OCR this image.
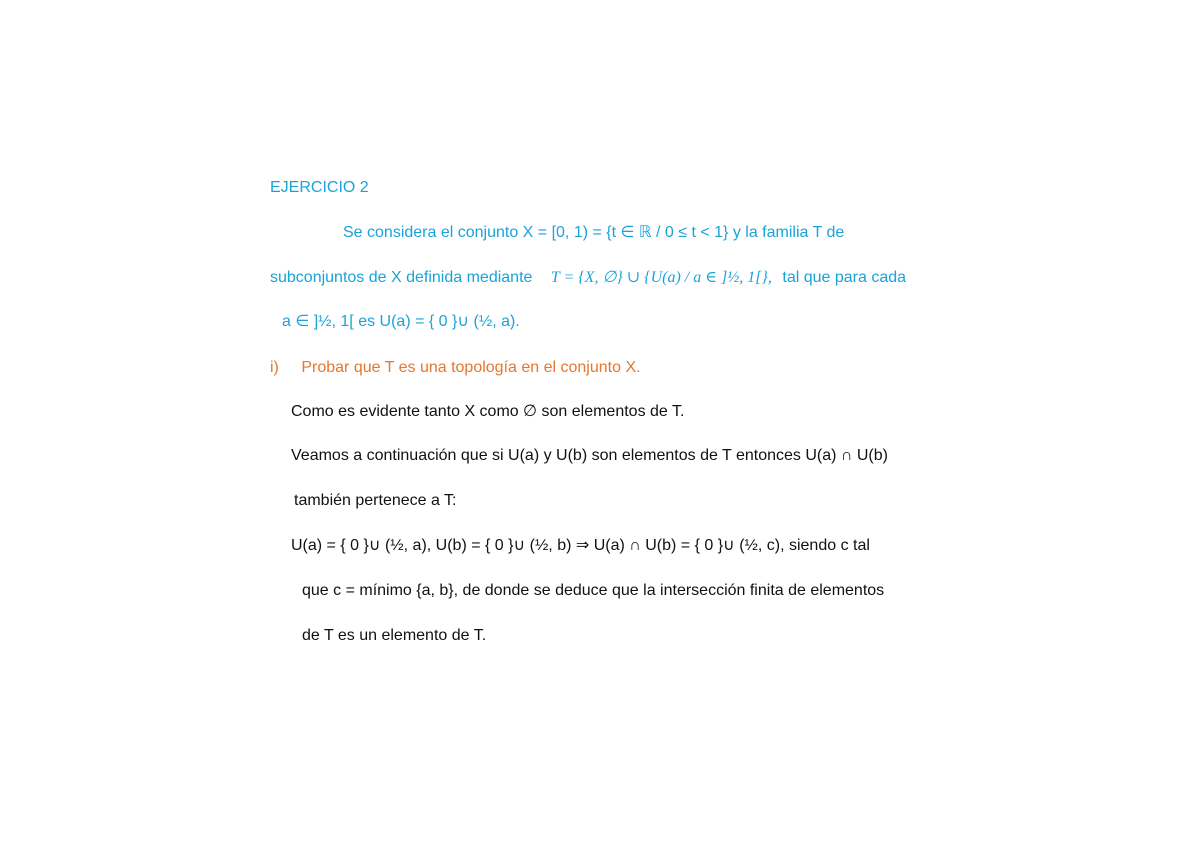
EJERCICIO 2
Se considera el conjunto X = [0, 1) = {t ∈ ℝ / 0 ≤ t < 1} y la familia T de
subconjuntos de X definida mediante T = {X, ∅} ∪ {U(a) / a ∈ ]½, 1[}, tal que para cada
a ∈ ]½, 1[ es U(a) = { 0 }∪ (½, a).
i) Probar que T es una topología en el conjunto X.
Como es evidente tanto X como ∅ son elementos de T.
Veamos a continuación que si U(a) y U(b) son elementos de T entonces U(a) ∩ U(b)
también pertenece a T:
U(a) = { 0 }∪ (½, a), U(b) = { 0 }∪ (½, b) ⇒ U(a) ∩ U(b) = { 0 }∪ (½, c), siendo c tal
que c = mínimo {a, b}, de donde se deduce que la intersección finita de elementos
de T es un elemento de T.
